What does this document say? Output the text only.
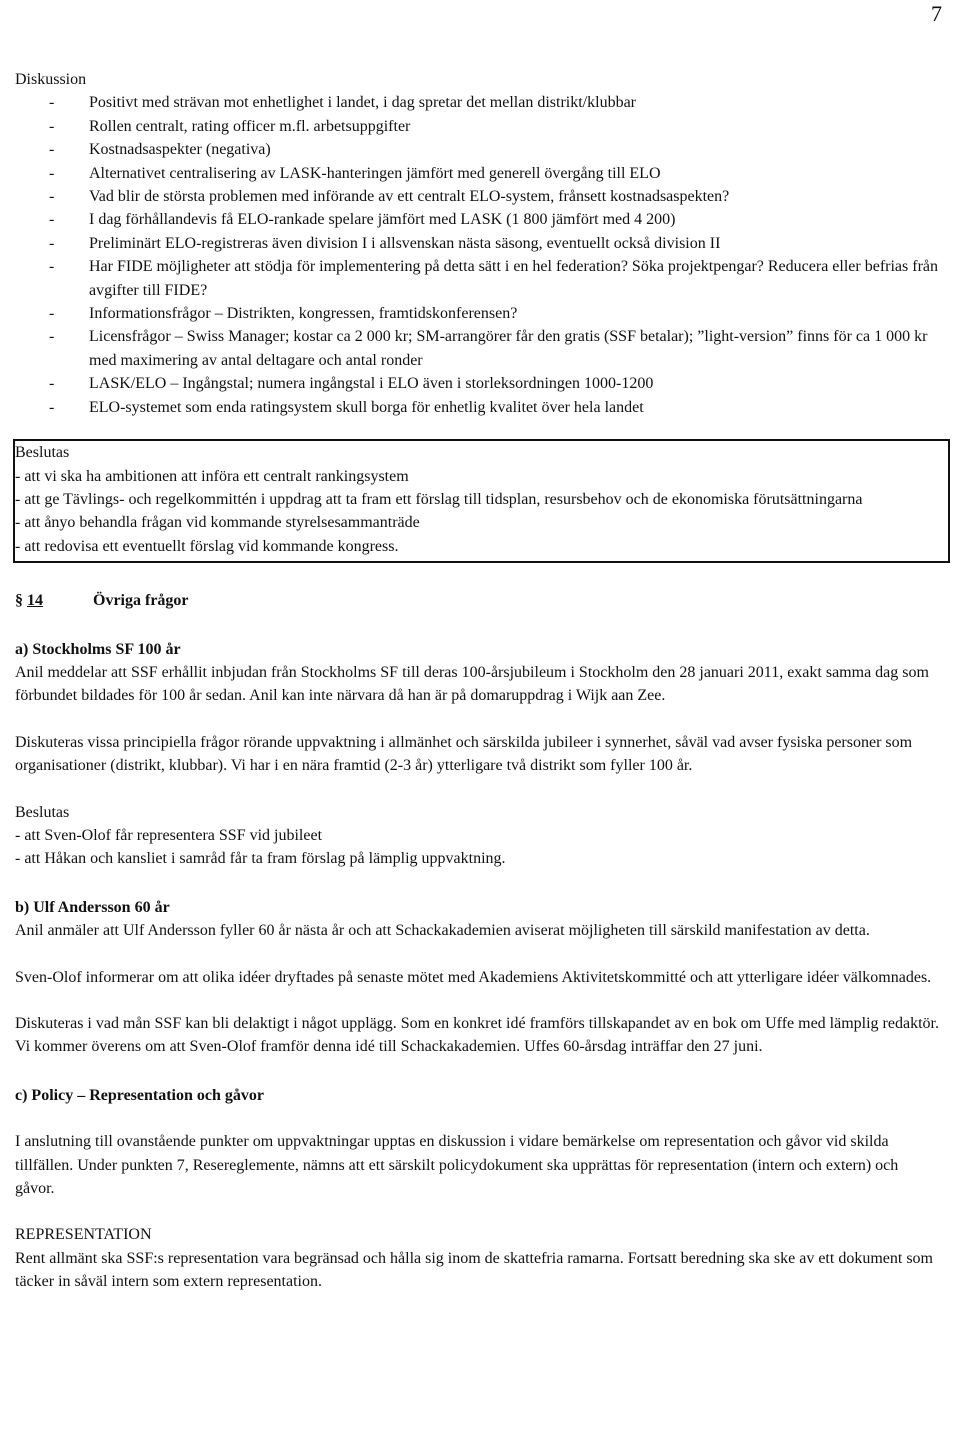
7
Diskussion
- Positivt med strävan mot enhetlighet i landet, i dag spretar det mellan distrikt/klubbar
- Rollen centralt, rating officer m.fl. arbetsuppgifter
- Kostnadsaspekter (negativa)
- Alternativet centralisering av LASK-hanteringen jämfört med generell övergång till ELO
- Vad blir de största problemen med införande av ett centralt ELO-system, frånsett kostnadsaspekten?
- I dag förhållandevis få ELO-rankade spelare jämfört med LASK (1 800 jämfört med 4 200)
- Preliminärt ELO-registreras även division I i allsvenskan nästa säsong, eventuellt också division II
- Har FIDE möjligheter att stödja för implementering på detta sätt i en hel federation? Söka projektpengar? Reducera eller befrias från avgifter till FIDE?
- Informationsfrågor – Distrikten, kongressen, framtidskonferensen?
- Licensfrågor – Swiss Manager; kostar ca 2 000 kr; SM-arrangörer får den gratis (SSF betalar); ”light-version” finns för ca 1 000 kr med maximering av antal deltagare och antal ronder
- LASK/ELO – Ingångstal; numera ingångstal i ELO även i storleksordningen 1000-1200
- ELO-systemet som enda ratingsystem skull borga för enhetlig kvalitet över hela landet
Beslutas
- att vi ska ha ambitionen att införa ett centralt rankingsystem
- att ge Tävlings- och regelkommittén i uppdrag att ta fram ett förslag till tidsplan, resursbehov och de ekonomiska förutsättningarna
- att ånyo behandla frågan vid kommande styrelsesammanträde
- att redovisa ett eventuellt förslag vid kommande kongress.
§ 14	Övriga frågor
a) Stockholms SF 100 år
Anil meddelar att SSF erhållit inbjudan från Stockholms SF till deras 100-årsjubileum i Stockholm den 28 januari 2011, exakt samma dag som förbundet bildades för 100 år sedan. Anil kan inte närvara då han är på domaruppdrag i Wijk aan Zee.
Diskuteras vissa principiella frågor rörande uppvaktning i allmänhet och särskilda jubileer i synnerhet, såväl vad avser fysiska personer som organisationer (distrikt, klubbar). Vi har i en nära framtid (2-3 år) ytterligare två distrikt som fyller 100 år.
Beslutas
- att Sven-Olof får representera SSF vid jubileet
- att Håkan och kansliet i samråd får ta fram förslag på lämplig uppvaktning.
b) Ulf Andersson 60 år
Anil anmäler att Ulf Andersson fyller 60 år nästa år och att Schackakademien aviserat möjligheten till särskild manifestation av detta.
Sven-Olof informerar om att olika idéer dryftades på senaste mötet med Akademiens Aktivitetskommitté och att ytterligare idéer välkomnades.
Diskuteras i vad mån SSF kan bli delaktigt i något upplägg. Som en konkret idé framförs tillskapandet av en bok om Uffe med lämplig redaktör. Vi kommer överens om att Sven-Olof framför denna idé till Schackakademien. Uffes 60-årsdag inträffar den 27 juni.
c) Policy – Representation och gåvor
I anslutning till ovanstående punkter om uppvaktningar upptas en diskussion i vidare bemärkelse om representation och gåvor vid skilda tillfällen. Under punkten 7, Resereglemente, nämns att ett särskilt policydokument ska upprättas för representation (intern och extern) och gåvor.
REPRESENTATION
Rent allmänt ska SSF:s representation vara begränsad och hålla sig inom de skattefria ramarna. Fortsatt beredning ska ske av ett dokument som täcker in såväl intern som extern representation.
